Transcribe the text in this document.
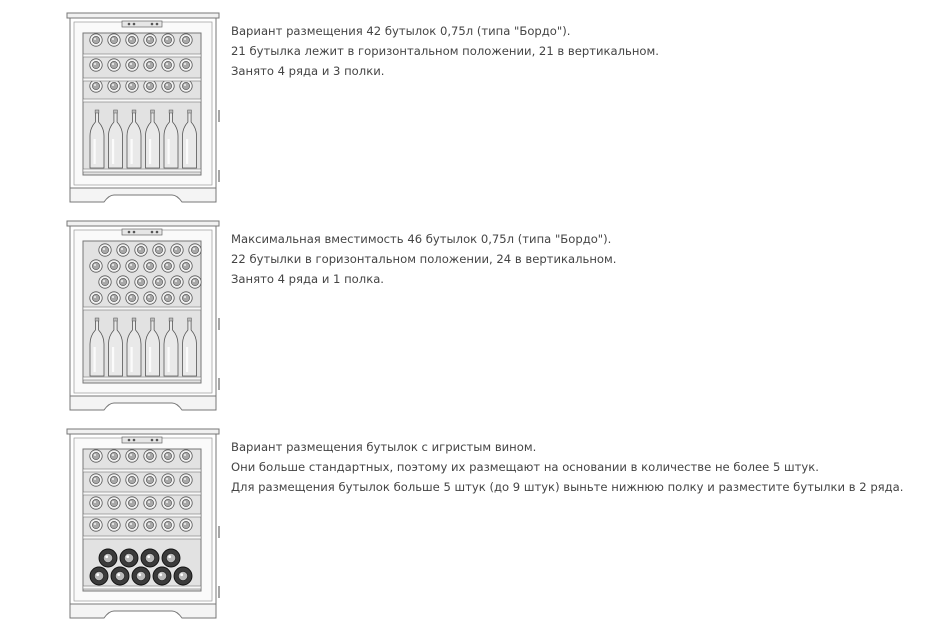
Вариант размещения 42 бутылок 0,75л (типа "Бордо").
21 бутылка лежит в горизонтальном положении, 21 в вертикальном.
Занято 4 ряда и 3 полки.
Максимальная вместимость 46 бутылок 0,75л (типа "Бордо").
22 бутылки в горизонтальном положении, 24 в вертикальном.
Занято 4 ряда и 1 полка.
Вариант размещения бутылок с игристым вином.
Они больше стандартных, поэтому их размещают на основании в количестве не более 5 штук.
Для размещения бутылок больше 5 штук (до 9 штук) выньте нижнюю полку и разместите бутылки в 2 ряда.
